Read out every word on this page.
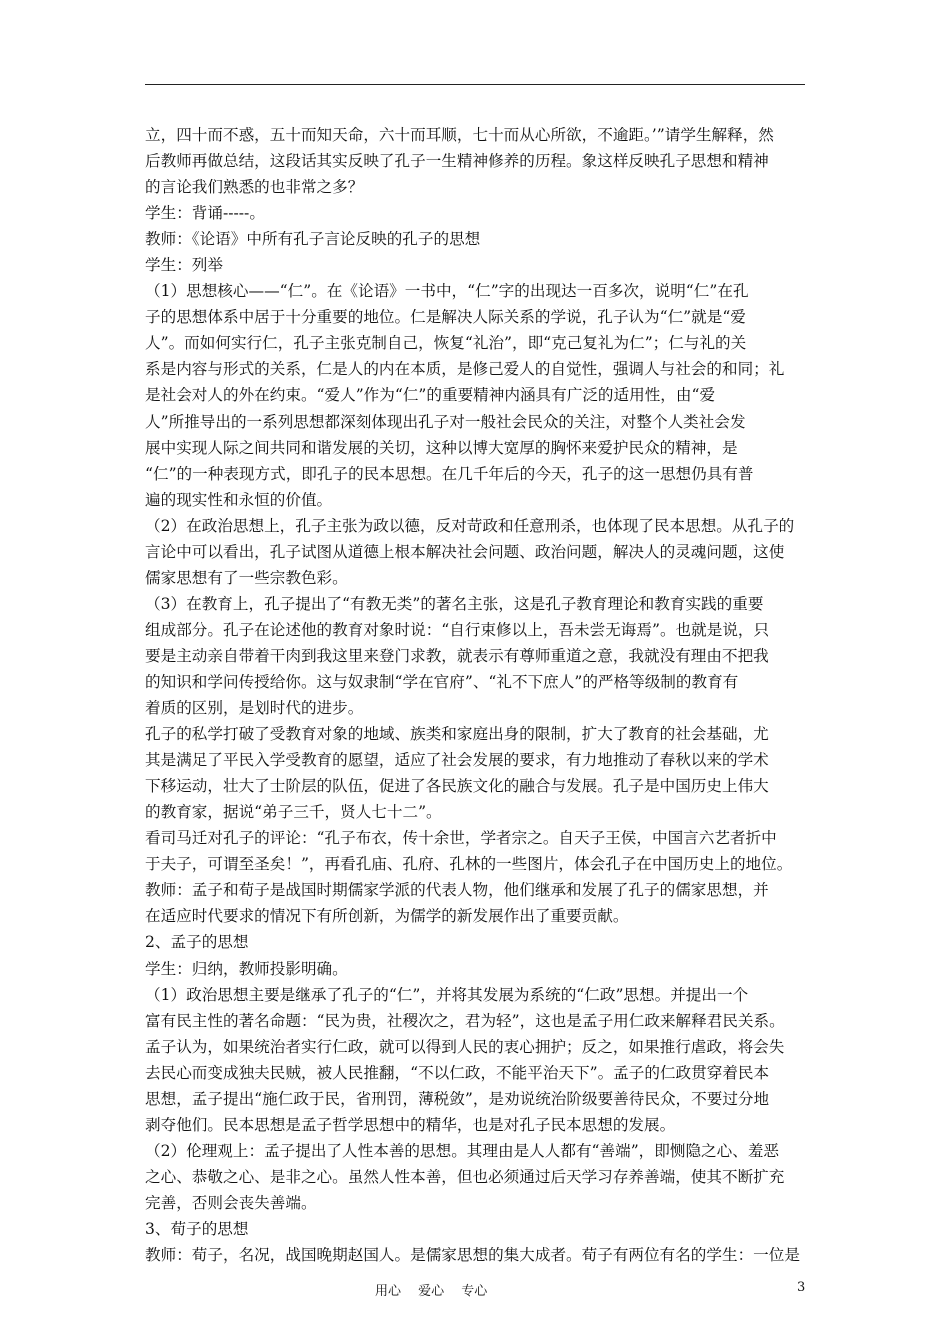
立，四十而不惑，五十而知天命，六十而耳顺，七十而从心所欲，不逾距。’”请学生解释，然
后教师再做总结，这段话其实反映了孔子一生精神修养的历程。象这样反映孔子思想和精神
的言论我们熟悉的也非常之多？
学生：背诵-----。
教师：《论语》中所有孔子言论反映的孔子的思想
学生：列举
（1）思想核心——“仁”。在《论语》一书中，“仁”字的出现达一百多次，说明“仁”在孔
子的思想体系中居于十分重要的地位。仁是解决人际关系的学说，孔子认为“仁”就是“爱
人”。而如何实行仁，孔子主张克制自己，恢复“礼治”，即“克己复礼为仁”；仁与礼的关
系是内容与形式的关系，仁是人的内在本质，是修己爱人的自觉性，强调人与社会的和同；礼
是社会对人的外在约束。“爱人”作为“仁”的重要精神内涵具有广泛的适用性，由“爱
人”所推导出的一系列思想都深刻体现出孔子对一般社会民众的关注，对整个人类社会发
展中实现人际之间共同和谐发展的关切，这种以博大宽厚的胸怀来爱护民众的精神，是
“仁”的一种表现方式，即孔子的民本思想。在几千年后的今天，孔子的这一思想仍具有普
遍的现实性和永恒的价值。
（2）在政治思想上，孔子主张为政以德，反对苛政和任意刑杀，也体现了民本思想。从孔子的
言论中可以看出，孔子试图从道德上根本解决社会问题、政治问题，解决人的灵魂问题，这使
儒家思想有了一些宗教色彩。
（3）在教育上，孔子提出了“有教无类”的著名主张，这是孔子教育理论和教育实践的重要
组成部分。孔子在论述他的教育对象时说：“自行束修以上，吾未尝无诲焉”。也就是说，只
要是主动亲自带着干肉到我这里来登门求教，就表示有尊师重道之意，我就没有理由不把我
的知识和学问传授给你。这与奴隶制“学在官府”、“礼不下庶人”的严格等级制的教育有
着质的区别，是划时代的进步。
孔子的私学打破了受教育对象的地域、族类和家庭出身的限制，扩大了教育的社会基础，尤
其是满足了平民入学受教育的愿望，适应了社会发展的要求，有力地推动了春秋以来的学术
下移运动，壮大了士阶层的队伍，促进了各民族文化的融合与发展。孔子是中国历史上伟大
的教育家，据说“弟子三千，贤人七十二”。
看司马迁对孔子的评论：“孔子布衣，传十余世，学者宗之。自天子王侯，中国言六艺者折中
于夫子，可谓至圣矣！”，再看孔庙、孔府、孔林的一些图片，体会孔子在中国历史上的地位。
教师：孟子和荀子是战国时期儒家学派的代表人物，他们继承和发展了孔子的儒家思想，并
在适应时代要求的情况下有所创新，为儒学的新发展作出了重要贡献。
2、孟子的思想
学生：归纳，教师投影明确。
（1）政治思想主要是继承了孔子的“仁”，并将其发展为系统的“仁政”思想。并提出一个
富有民主性的著名命题：“民为贵，社稷次之，君为轻”，这也是孟子用仁政来解释君民关系。
孟子认为，如果统治者实行仁政，就可以得到人民的衷心拥护；反之，如果推行虐政，将会失
去民心而变成独夫民贼，被人民推翻，“不以仁政，不能平治天下”。孟子的仁政贯穿着民本
思想，孟子提出“施仁政于民，省刑罚，薄税敛”，是劝说统治阶级要善待民众，不要过分地
剥夺他们。民本思想是孟子哲学思想中的精华，也是对孔子民本思想的发展。
（2）伦理观上：孟子提出了人性本善的思想。其理由是人人都有“善端”，即恻隐之心、羞恶
之心、恭敬之心、是非之心。虽然人性本善，但也必须通过后天学习存养善端，使其不断扩充
完善，否则会丧失善端。
3、荀子的思想
教师：荀子，名况，战国晚期赵国人。是儒家思想的集大成者。荀子有两位有名的学生：一位是
用心　 爱心　 专心	3
